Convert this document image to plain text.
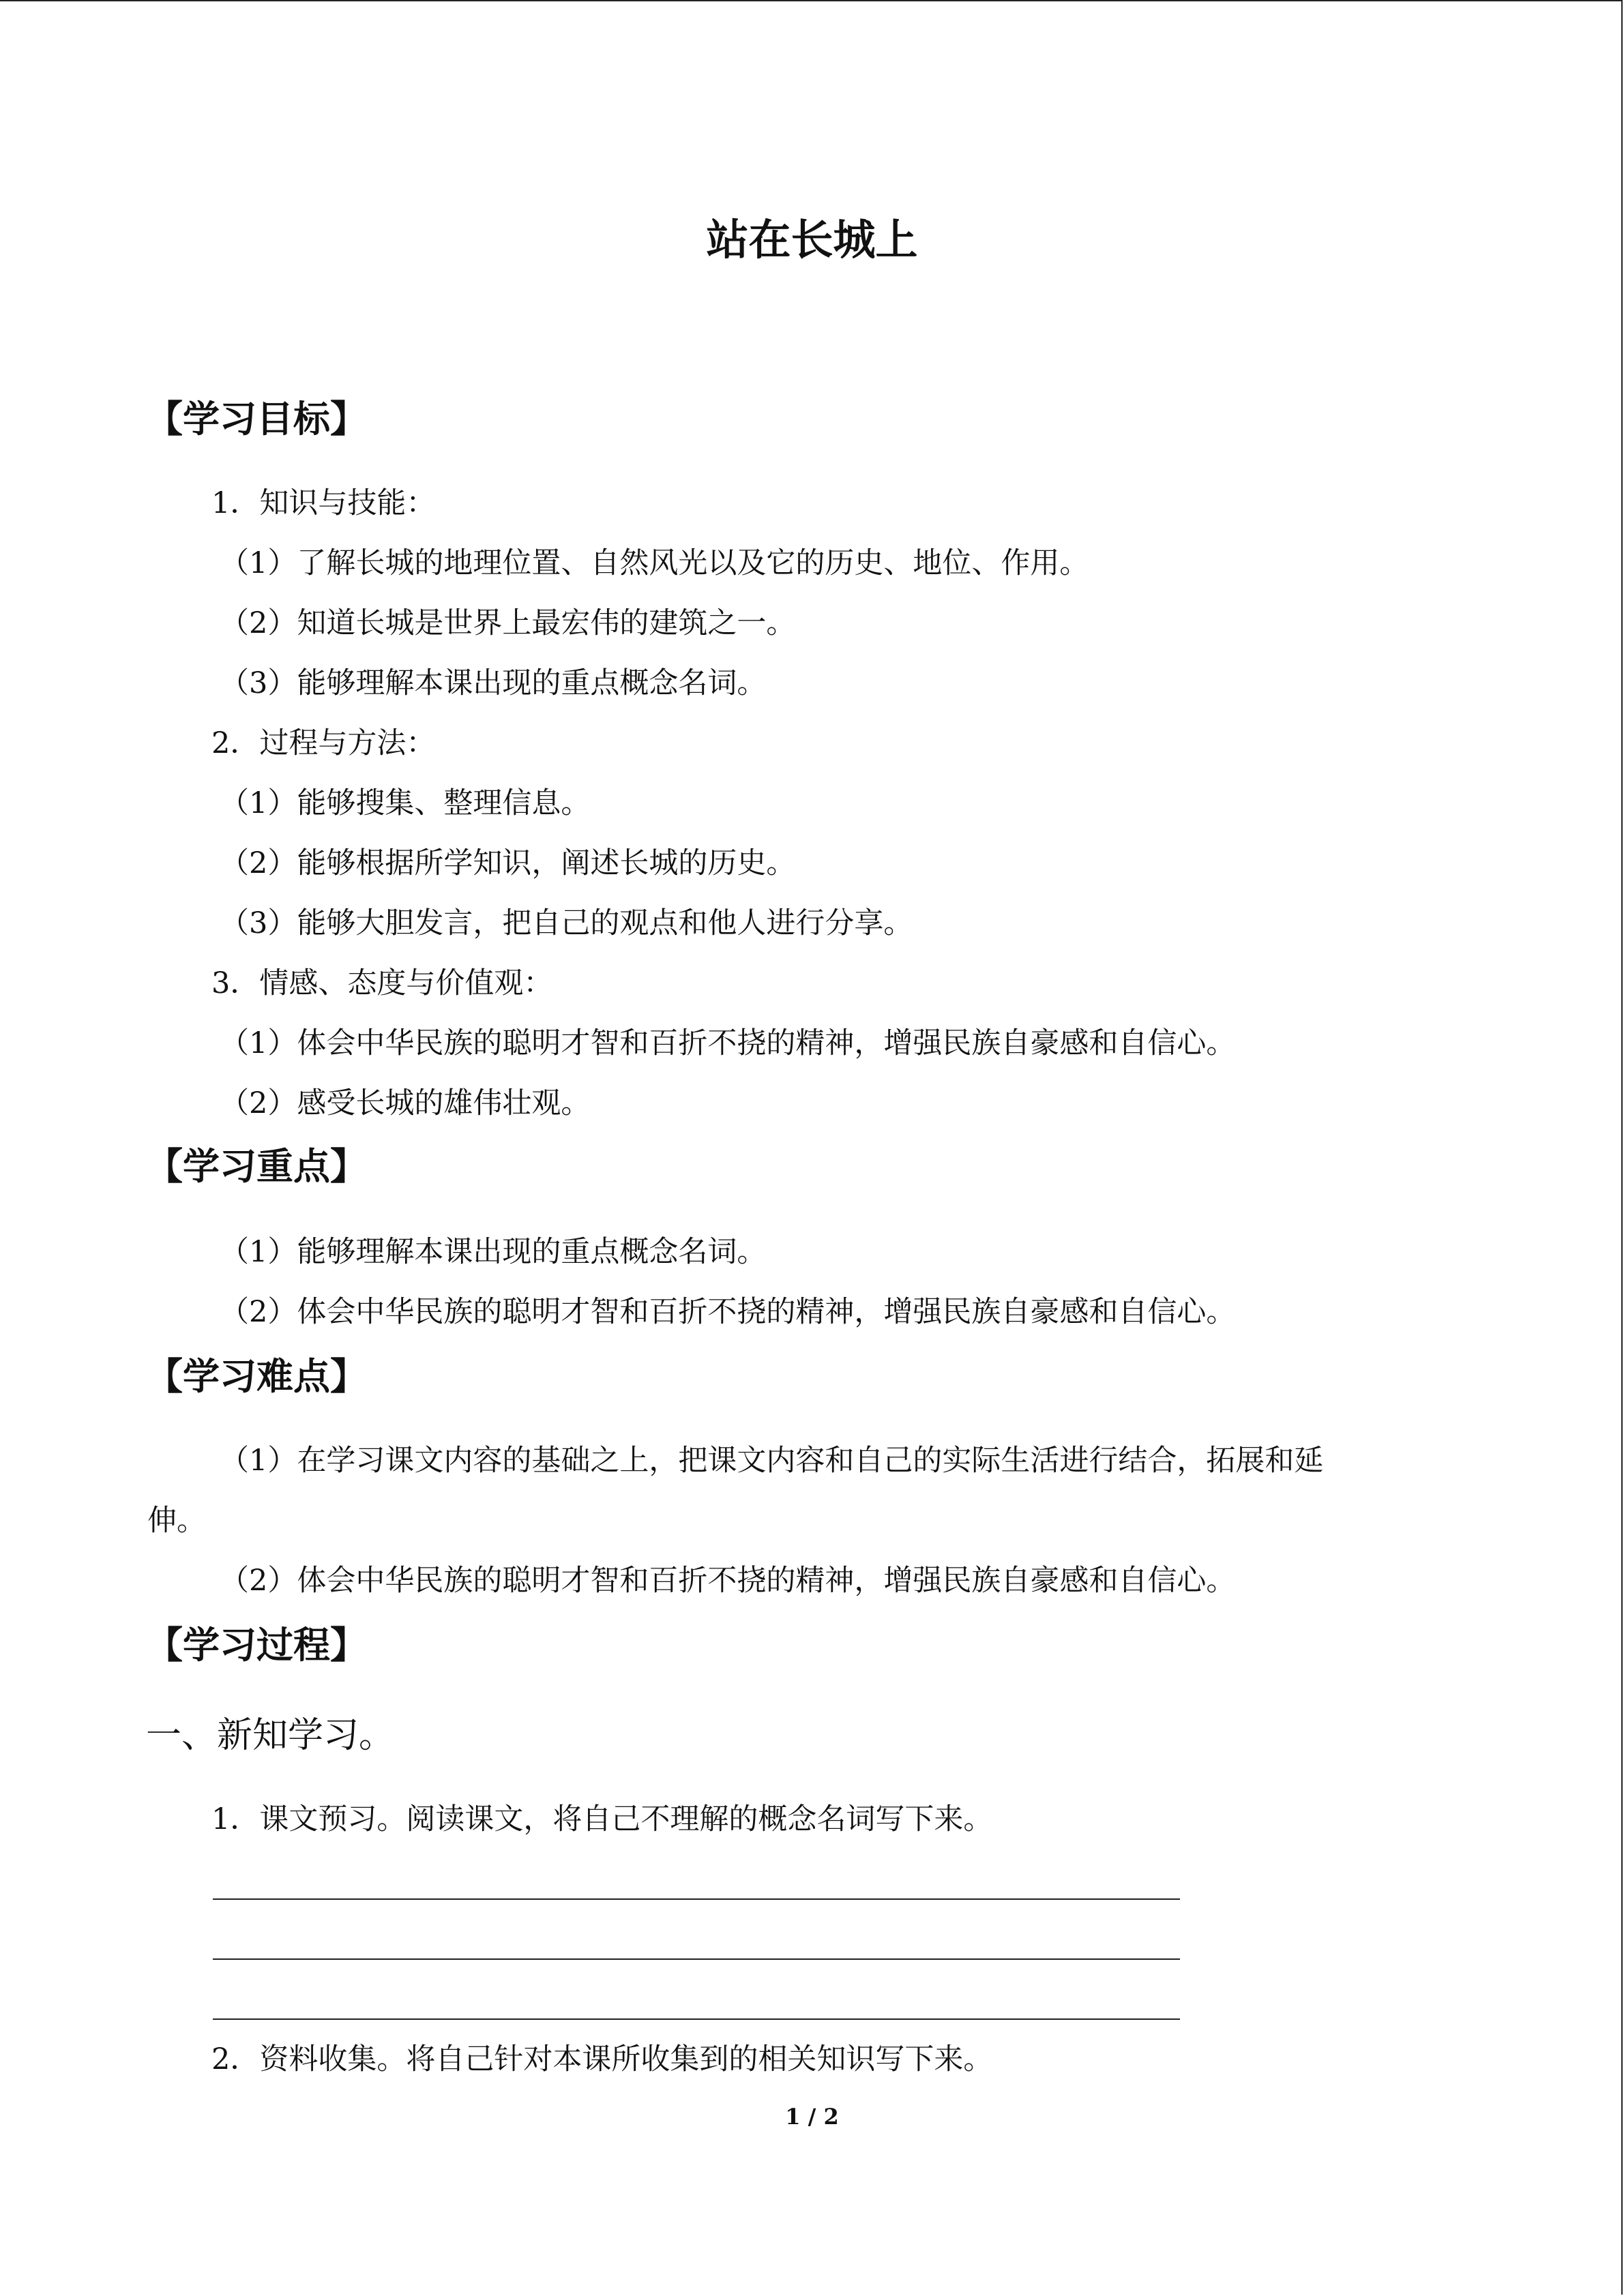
站在长城上
【学习目标】

1．知识与技能：

（1）了解长城的地理位置、自然风光以及它的历史、地位、作用。

（2）知道长城是世界上最宏伟的建筑之一。

（3）能够理解本课出现的重点概念名词。

2．过程与方法：

（1）能够搜集、整理信息。

（2）能够根据所学知识，阐述长城的历史。

（3）能够大胆发言，把自己的观点和他人进行分享。

3．情感、态度与价值观：

（1）体会中华民族的聪明才智和百折不挠的精神，增强民族自豪感和自信心。

（2）感受长城的雄伟壮观。

【学习重点】

（1）能够理解本课出现的重点概念名词。

（2）体会中华民族的聪明才智和百折不挠的精神，增强民族自豪感和自信心。

【学习难点】

（1）在学习课文内容的基础之上，把课文内容和自己的实际生活进行结合，拓展和延

伸。

（2）体会中华民族的聪明才智和百折不挠的精神，增强民族自豪感和自信心。

【学习过程】

一、新知学习。

1．课文预习。阅读课文，将自己不理解的概念名词写下来。

2．资料收集。将自己针对本课所收集到的相关知识写下来。

1 / 2
